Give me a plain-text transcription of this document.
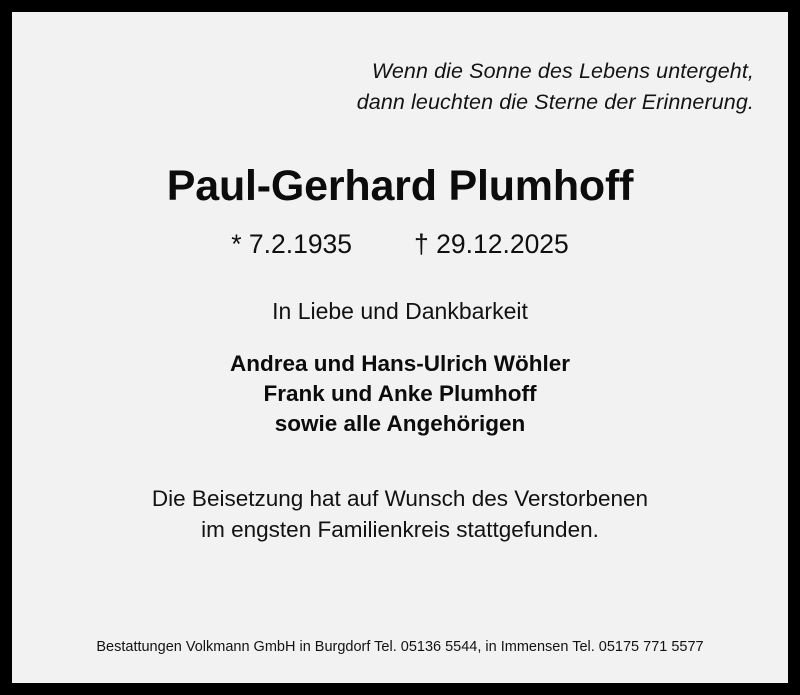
Wenn die Sonne des Lebens untergeht,
dann leuchten die Sterne der Erinnerung.
Paul-Gerhard Plumhoff
* 7.2.1935 † 29.12.2025
In Liebe und Dankbarkeit
Andrea und Hans-Ulrich Wöhler
Frank und Anke Plumhoff
sowie alle Angehörigen
Die Beisetzung hat auf Wunsch des Verstorbenen
im engsten Familienkreis stattgefunden.
Bestattungen Volkmann GmbH in Burgdorf Tel. 05136 5544, in Immensen Tel. 05175 771 5577
